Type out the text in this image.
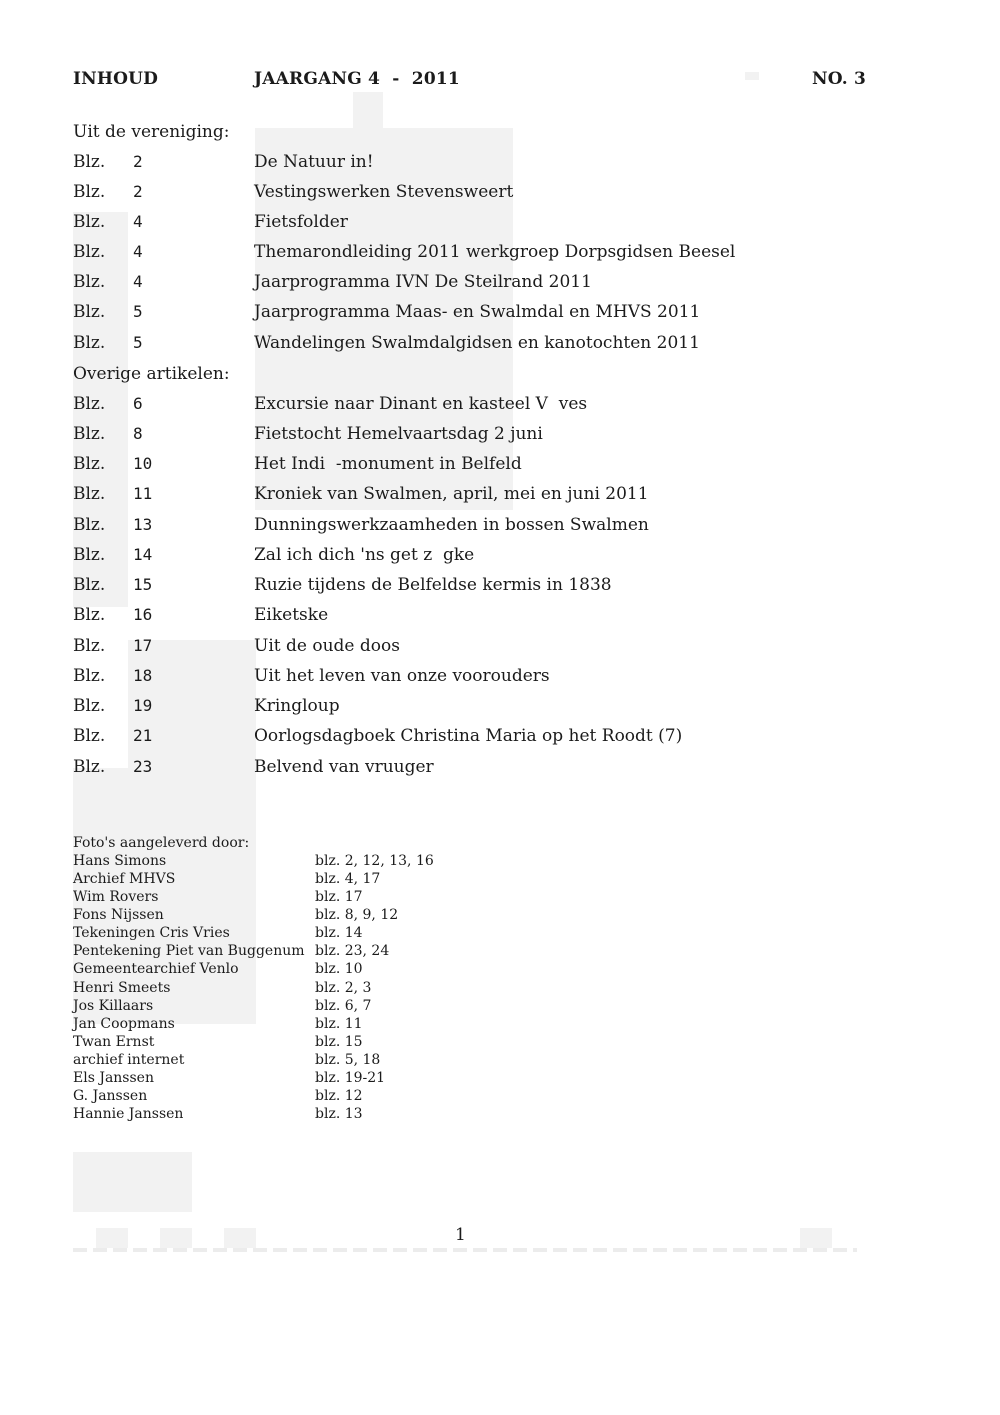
INHOUD	JAARGANG 4  -  2011	NO. 3
Uit de vereniging:
Blz. 2	De Natuur in!
Blz. 2	Vestingswerken Stevensweert
Blz. 4	Fietsfolder
Blz. 4	Themarondleiding 2011 werkgroep Dorpsgidsen Beesel
Blz. 4	Jaarprogramma IVN De Steilrand 2011
Blz. 5	Jaarprogramma Maas- en Swalmdal en MHVS 2011
Blz. 5	Wandelingen Swalmdalgidsen en kanotochten 2011
Overige artikelen:
Blz. 6	Excursie naar Dinant en kasteel V  ves
Blz. 8	Fietstocht Hemelvaartsdag 2 juni
Blz. 10	Het Indi  -monument in Belfeld
Blz. 11	Kroniek van Swalmen, april, mei en juni 2011
Blz. 13	Dunningswerkzaamheden in bossen Swalmen
Blz. 14	Zal ich dich 'ns get z  gke
Blz. 15	Ruzie tijdens de Belfeldse kermis in 1838
Blz. 16	Eiketske
Blz. 17	Uit de oude doos
Blz. 18	Uit het leven van onze voorouders
Blz. 19	Kringloup
Blz. 21	Oorlogsdagboek Christina Maria op het Roodt (7)
Blz. 23	Belvend van vruuger
Foto's aangeleverd door:
Hans Simons	blz. 2, 12, 13, 16
Archief MHVS	blz. 4, 17
Wim Rovers	blz. 17
Fons Nijssen	blz. 8, 9, 12
Tekeningen Cris Vries	blz. 14
Pentekening Piet van Buggenum blz. 23, 24
Gemeentearchief Venlo	blz. 10
Henri Smeets	blz. 2, 3
Jos Killaars	blz. 6, 7
Jan Coopmans	blz. 11
Twan Ernst	blz. 15
archief internet	blz. 5, 18
Els Janssen	blz. 19-21
G. Janssen	blz. 12
Hannie Janssen	blz. 13
1
